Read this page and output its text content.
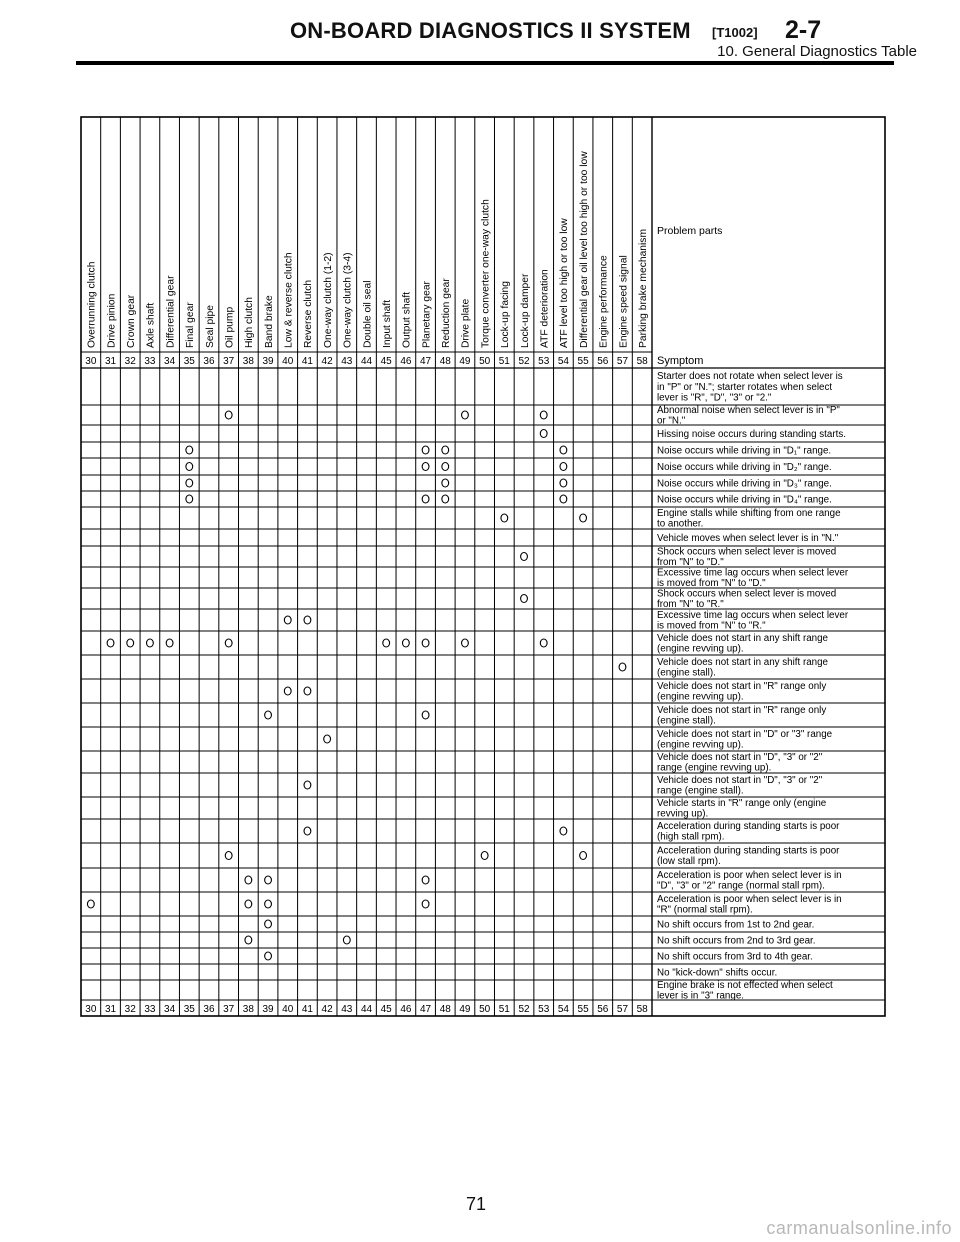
ON-BOARD DIAGNOSTICS II SYSTEM [T1002] 2-7
10. General Diagnostics Table
Problem parts
Symptom
Overrunning clutch
30
30
Drive pinion
31
31
Crown gear
32
32
Axle shaft
33
33
Differential gear
34
34
Final gear
35
35
Seal pipe
36
36
Oil pump
37
37
High clutch
38
38
Band brake
39
39
Low & reverse clutch
40
40
Reverse clutch
41
41
One-way clutch (1-2)
42
42
One-way clutch (3-4)
43
43
Double oil seal
44
44
Input shaft
45
45
Output shaft
46
46
Planetary gear
47
47
Reduction gear
48
48
Drive plate
49
49
Torque converter one-way clutch
50
50
Lock-up facing
51
51
Lock-up damper
52
52
ATF deterioration
53
53
ATF level too high or too low
54
54
Differential gear oil level too high or too low
55
55
Engine performance
56
56
Engine speed signal
57
57
Parking brake mechanism
58
58
Starter does not rotate when select lever is
in "P" or "N."; starter rotates when select
lever is "R", "D", "3" or "2."
Abnormal noise when select lever is in "P"
or "N."
Hissing noise occurs during standing starts.
Noise occurs while driving in "D₁" range.
Noise occurs while driving in "D₂" range.
Noise occurs while driving in "D₃" range.
Noise occurs while driving in "D₄" range.
Engine stalls while shifting from one range
to another.
Vehicle moves when select lever is in "N."
Shock occurs when select lever is moved
from "N" to "D."
Excessive time lag occurs when select lever
is moved from "N" to "D."
Shock occurs when select lever is moved
from "N" to "R."
Excessive time lag occurs when select lever
is moved from "N" to "R."
Vehicle does not start in any shift range
(engine revving up).
Vehicle does not start in any shift range
(engine stall).
Vehicle does not start in "R" range only
(engine revving up).
Vehicle does not start in "R" range only
(engine stall).
Vehicle does not start in "D" or "3" range
(engine revving up).
Vehicle does not start in "D", "3" or "2"
range (engine revving up).
Vehicle does not start in "D", "3" or "2"
range (engine stall).
Vehicle starts in "R" range only (engine
revving up).
Acceleration during standing starts is poor
(high stall rpm).
Acceleration during standing starts is poor
(low stall rpm).
Acceleration is poor when select lever is in
"D", "3" or "2" range (normal stall rpm).
Acceleration is poor when select lever is in
"R" (normal stall rpm).
No shift occurs from 1st to 2nd gear.
No shift occurs from 2nd to 3rd gear.
No shift occurs from 3rd to 4th gear.
No "kick-down" shifts occur.
Engine brake is not effected when select
lever is in "3" range.
71
carmanualsonline.info
